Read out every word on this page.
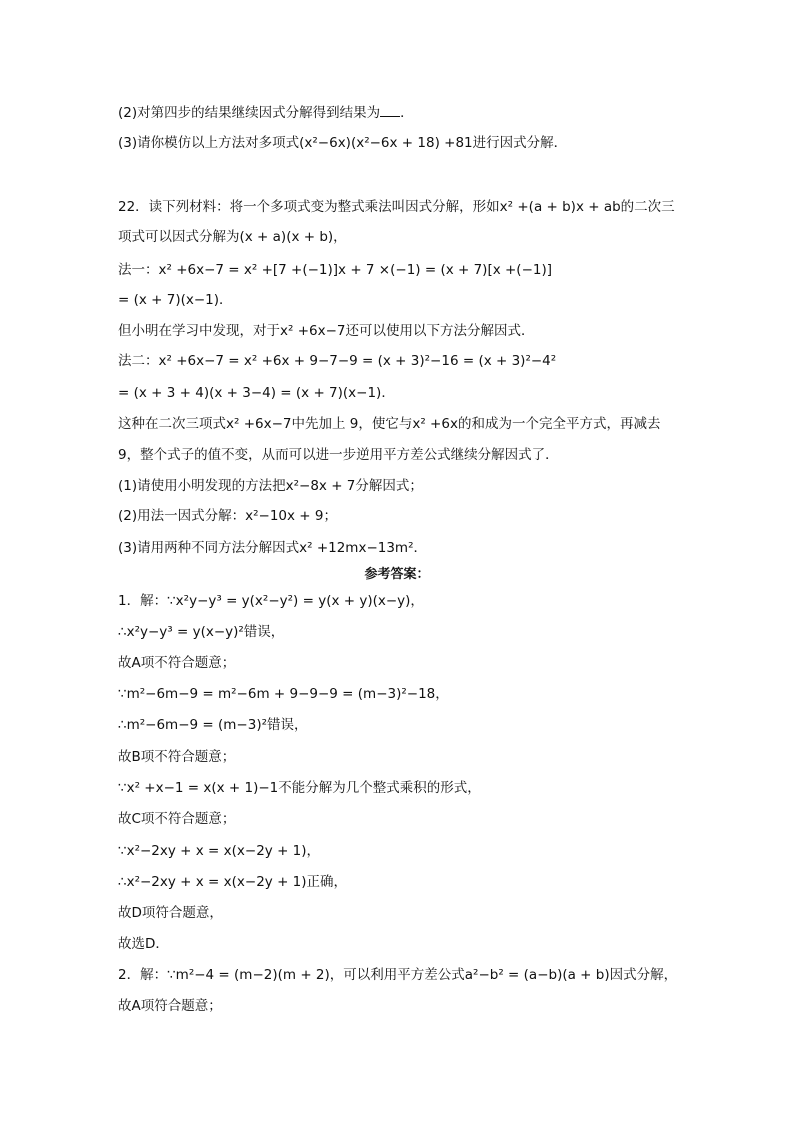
(2)对第四步的结果继续因式分解得到结果为 ．
(3)请你模仿以上方法对多项式(x²−6x)(x²−6x + 18) +81进行因式分解．
22．读下列材料：将一个多项式变为整式乘法叫因式分解，形如x² +(a + b)x + ab的二次三
项式可以因式分解为(x + a)(x + b)，
法一：x² +6x−7 = x² +[7 +(−1)]x + 7 ×(−1) = (x + 7)[x +(−1)]
= (x + 7)(x−1)．
但小明在学习中发现，对于x² +6x−7还可以使用以下方法分解因式．
法二：x² +6x−7 = x² +6x + 9−7−9 = (x + 3)²−16 = (x + 3)²−4²
= (x + 3 + 4)(x + 3−4) = (x + 7)(x−1)．
这种在二次三项式x² +6x−7中先加上 9，使它与x² +6x的和成为一个完全平方式，再减去
9，整个式子的值不变，从而可以进一步逆用平方差公式继续分解因式了．
(1)请使用小明发现的方法把x²−8x + 7分解因式；
(2)用法一因式分解：x²−10x + 9；
(3)请用两种不同方法分解因式x² +12mx−13m²．
参考答案：
1．解：∵x²y−y³ = y(x²−y²) = y(x + y)(x−y)，
∴x²y−y³ = y(x−y)²错误，
故A项不符合题意；
∵m²−6m−9 = m²−6m + 9−9−9 = (m−3)²−18，
∴m²−6m−9 = (m−3)²错误，
故B项不符合题意；
∵x² +x−1 = x(x + 1)−1不能分解为几个整式乘积的形式，
故C项不符合题意；
∵x²−2xy + x = x(x−2y + 1)，
∴x²−2xy + x = x(x−2y + 1)正确，
故D项符合题意，
故选D．
2．解：∵m²−4 = (m−2)(m + 2)，可以利用平方差公式a²−b² = (a−b)(a + b)因式分解，
故A项符合题意；
